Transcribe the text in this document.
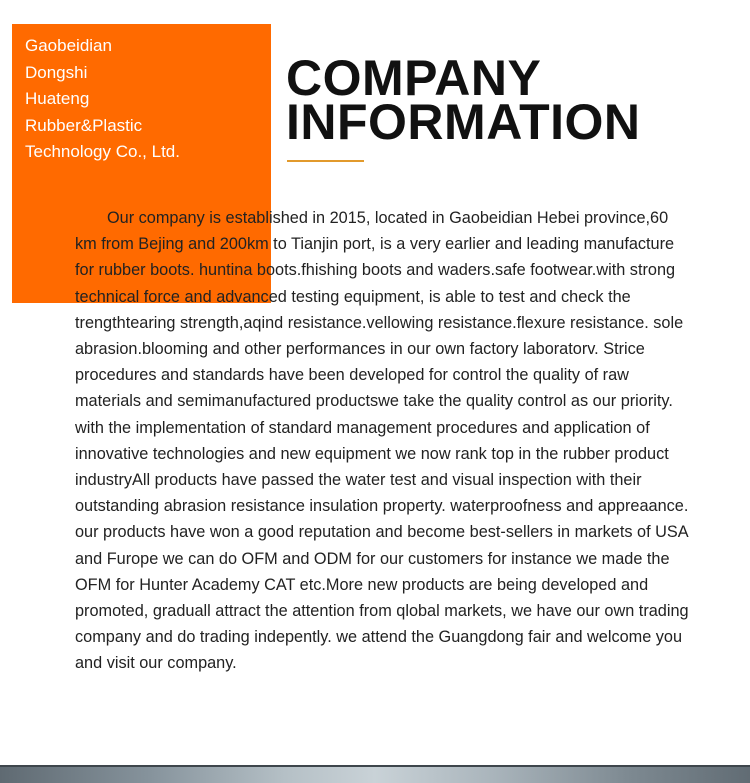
Gaobeidian
Dongshi
Huateng
Rubber&Plastic
Technology Co., Ltd.
COMPANY
INFORMATION

Our company is established in 2015, located in Gaobeidian Hebei province,60 km from Bejing and 200km to Tianjin port, is a very earlier and leading manufacture for rubber boots. huntina boots.fhishing boots and waders.safe footwear.with strong technical force and advanced testing equipment, is able to test and check the trengthtearing strength,aqind resistance.vellowing resistance.flexure resistance. sole abrasion.blooming and other performances in our own factory laboratorv. Strice procedures and standards have been developed for control the quality of raw materials and semimanufactured productswe take the quality control as our priority. with the implementation of standard management procedures and application of innovative technologies and new equipment we now rank top in the rubber product industryAll products have passed the water test and visual inspection with their outstanding abrasion resistance insulation property. waterproofness and appreaance. our products have won a good reputation and become best-sellers in markets of USA and Furope we can do OFM and ODM for our customers for instance we made the OFM for Hunter Academy CAT etc.More new products are being developed and promoted, graduall attract the attention from qlobal markets, we have our own trading company and do trading indepently. we attend the Guangdong fair and welcome you and visit our company.
